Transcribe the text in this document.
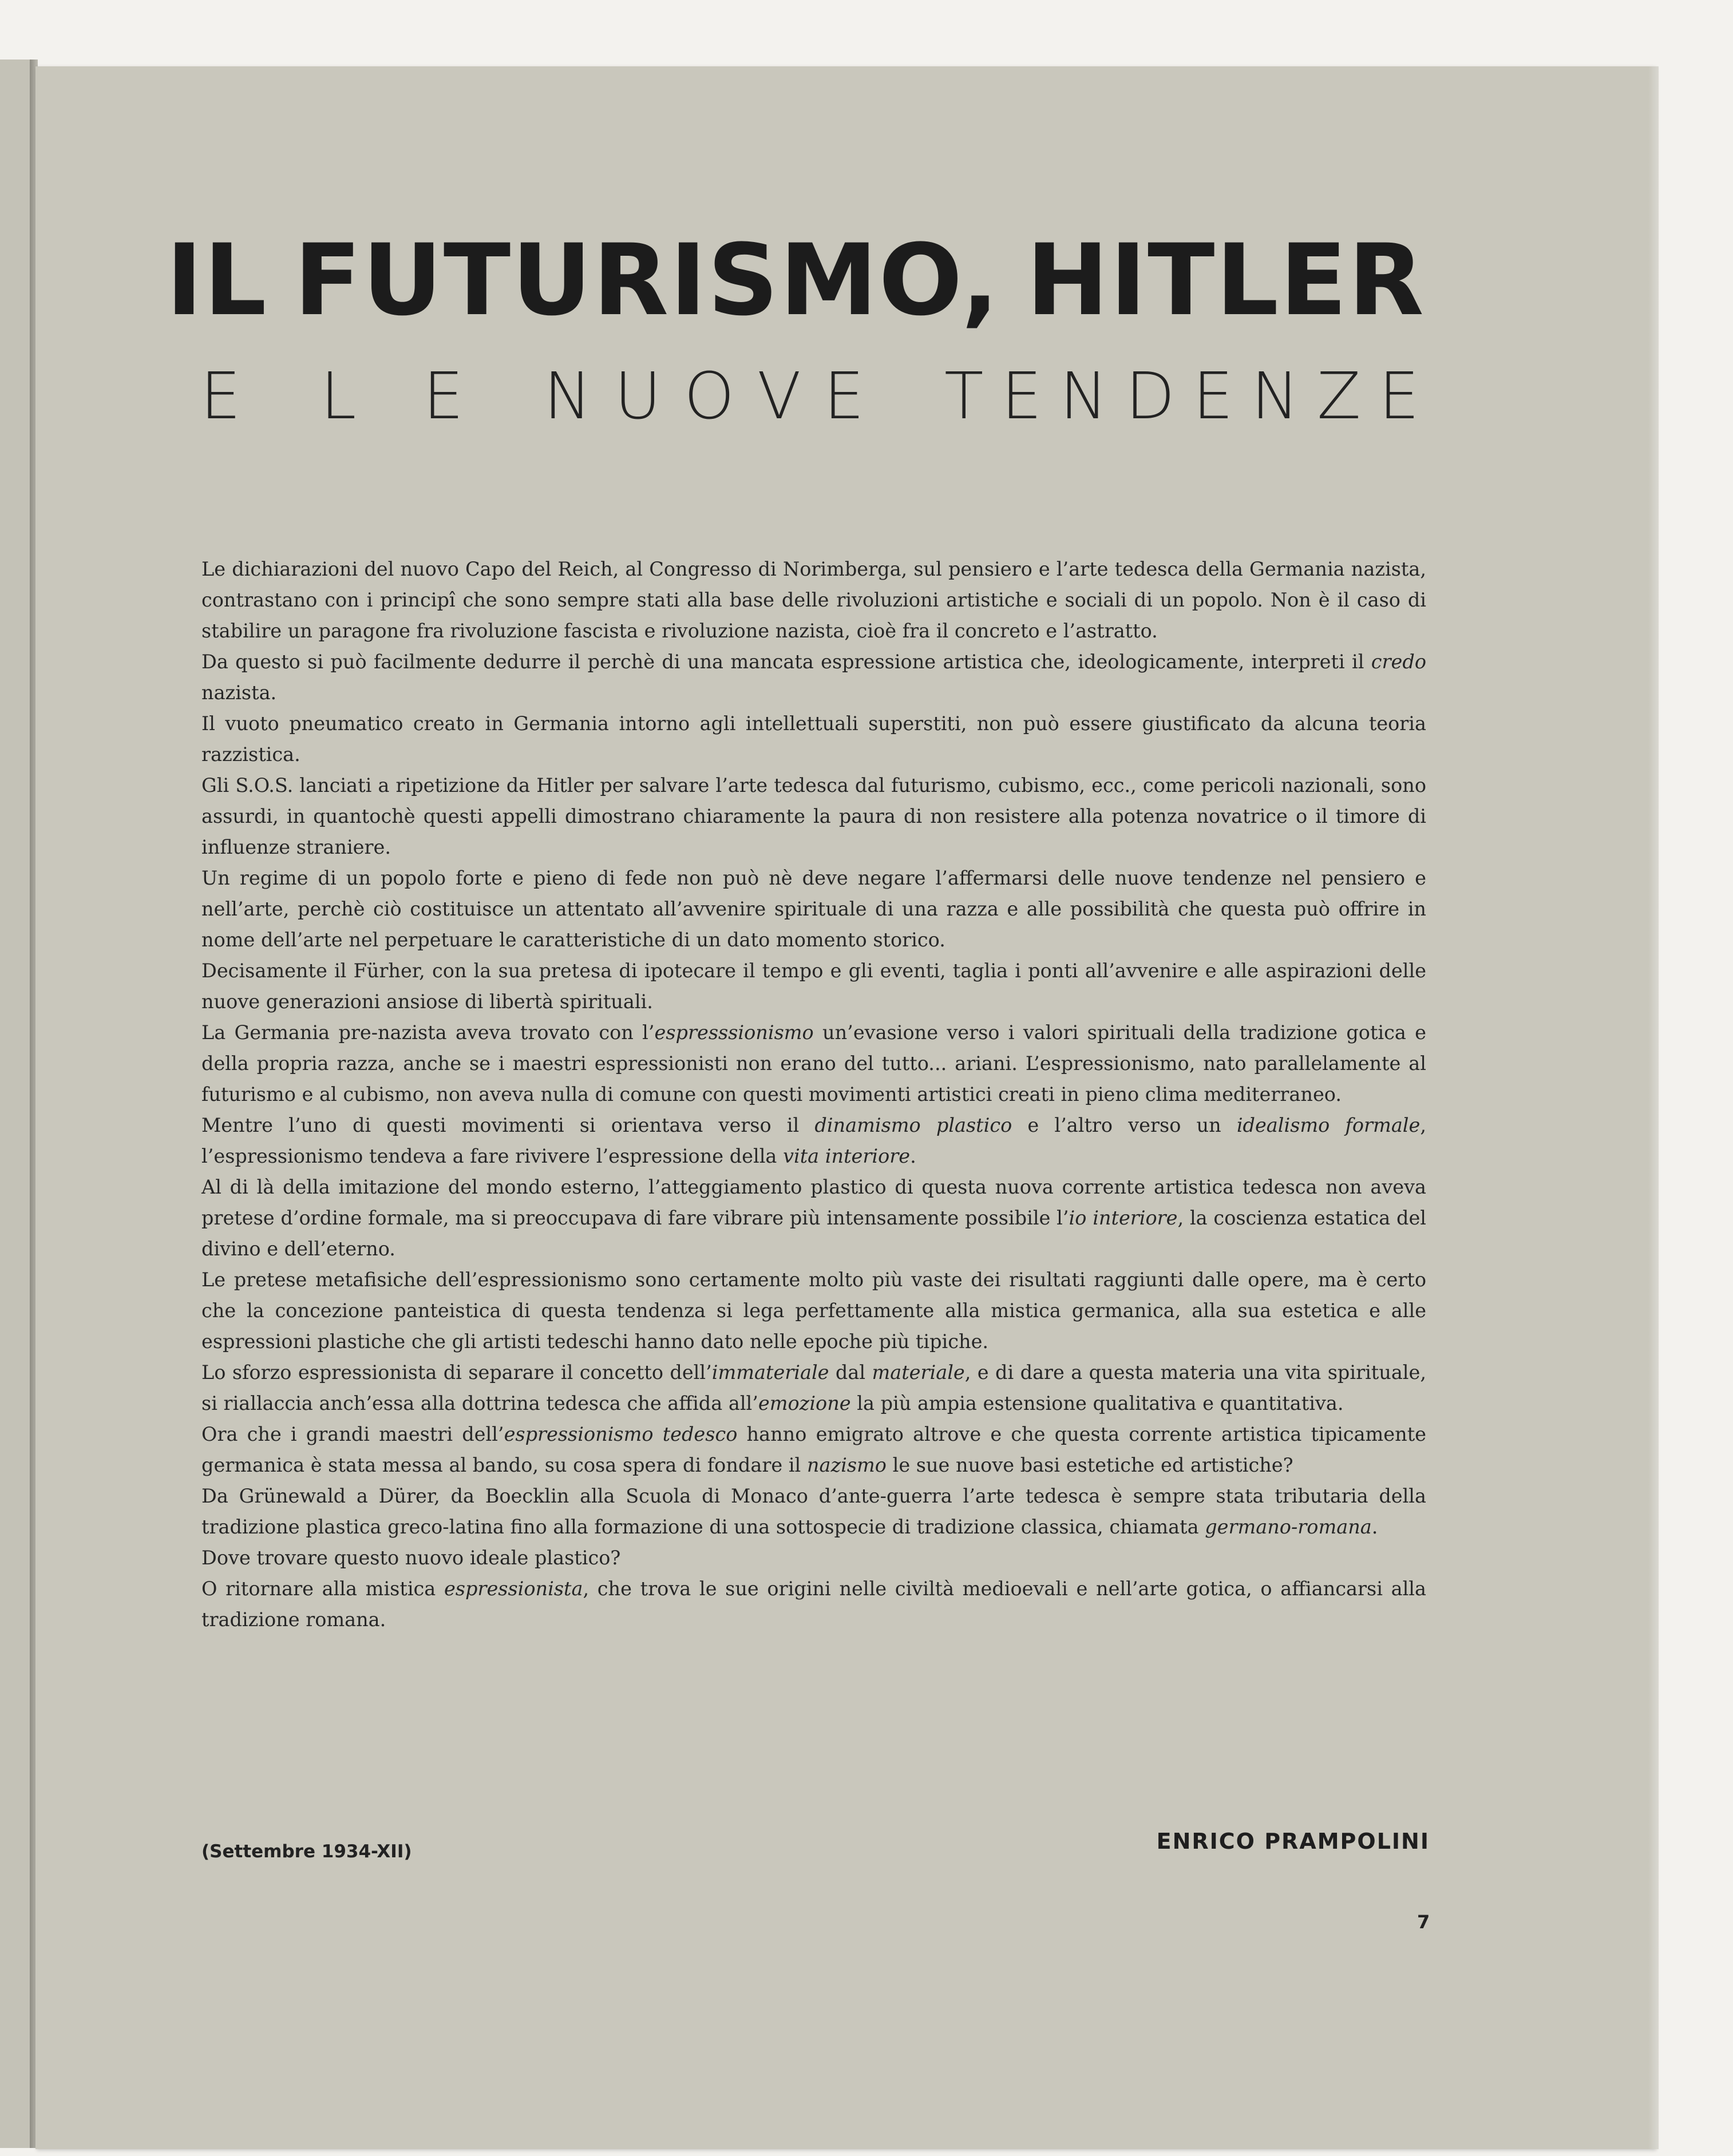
IL FUTURISMO, HITLER
E L E N U O V E T E N D E N Z E

Le dichiarazioni del nuovo Capo del Reich, al Congresso di Norimberga, sul pensiero e l’arte tedesca della Germania nazista, contrastano con i principî che sono sempre stati alla base delle rivoluzioni artistiche e sociali di un popolo. Non è il caso di stabilire un paragone fra rivoluzione fascista e rivoluzione nazista, cioè fra il concreto e l’astratto.

Da questo si può facilmente dedurre il perchè di una mancata espressione artistica che, ideologicamente, interpreti il credo nazista.

Il vuoto pneumatico creato in Germania intorno agli intellettuali superstiti, non può essere giustificato da alcuna teoria razzistica.

Gli S.O.S. lanciati a ripetizione da Hitler per salvare l’arte tedesca dal futurismo, cubismo, ecc., come pericoli nazionali, sono assurdi, in quantochè questi appelli dimostrano chiaramente la paura di non resistere alla potenza novatrice o il timore di influenze straniere.

Un regime di un popolo forte e pieno di fede non può nè deve negare l’affermarsi delle nuove tendenze nel pensiero e nell’arte, perchè ciò costituisce un attentato all’avvenire spirituale di una razza e alle possibilità che questa può offrire in nome dell’arte nel perpetuare le caratteristiche di un dato momento storico.

Decisamente il Fürher, con la sua pretesa di ipotecare il tempo e gli eventi, taglia i ponti all’avvenire e alle aspirazioni delle nuove generazioni ansiose di libertà spirituali.

La Germania pre-nazista aveva trovato con l’espresssionismo un’evasione verso i valori spirituali della tradizione gotica e della propria razza, anche se i maestri espressionisti non erano del tutto... ariani. L’espressionismo, nato parallelamente al futurismo e al cubismo, non aveva nulla di comune con questi movimenti artistici creati in pieno clima mediterraneo.

Mentre l’uno di questi movimenti si orientava verso il dinamismo plastico e l’altro verso un idealismo formale, l’espressionismo tendeva a fare rivivere l’espressione della vita interiore.

Al di là della imitazione del mondo esterno, l’atteggiamento plastico di questa nuova corrente artistica tedesca non aveva pretese d’ordine formale, ma si preoccupava di fare vibrare più intensamente possibile l’io interiore, la coscienza estatica del divino e dell’eterno.

Le pretese metafisiche dell’espressionismo sono certamente molto più vaste dei risultati raggiunti dalle opere, ma è certo che la concezione panteistica di questa tendenza si lega perfettamente alla mistica germanica, alla sua estetica e alle espressioni plastiche che gli artisti tedeschi hanno dato nelle epoche più tipiche.

Lo sforzo espressionista di separare il concetto dell’immateriale dal materiale, e di dare a questa materia una vita spirituale, si riallaccia anch’essa alla dottrina tedesca che affida all’emozione la più ampia estensione qualitativa e quantitativa.

Ora che i grandi maestri dell’espressionismo tedesco hanno emigrato altrove e che questa corrente artistica tipicamente germanica è stata messa al bando, su cosa spera di fondare il nazismo le sue nuove basi estetiche ed artistiche?

Da Grünewald a Dürer, da Boecklin alla Scuola di Monaco d’ante-guerra l’arte tedesca è sempre stata tributaria della tradizione plastica greco-latina fino alla formazione di una sottospecie di tradizione classica, chiamata germano-romana.

Dove trovare questo nuovo ideale plastico?

O ritornare alla mistica espressionista, che trova le sue origini nelle civiltà medioevali e nell’arte gotica, o affiancarsi alla tradizione romana.

(Settembre 1934-XII)	ENRICO PRAMPOLINI
7
